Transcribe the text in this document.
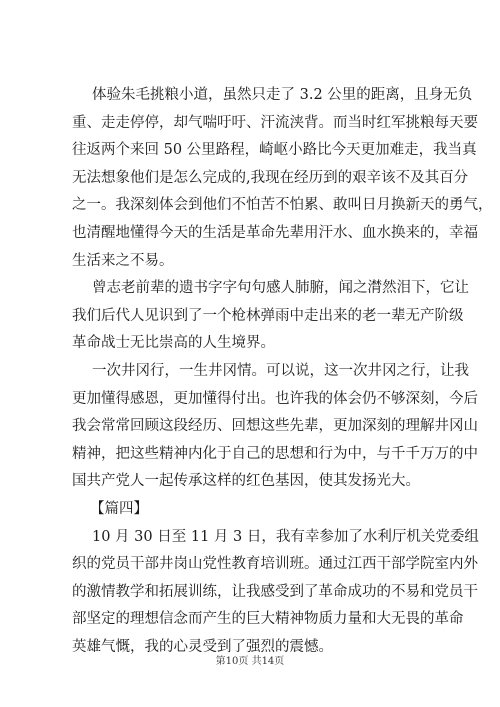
体验朱毛挑粮小道，虽然只走了 3.2 公里的距离，且身无负
重、走走停停，却气喘吁吁、汗流浃背。而当时红军挑粮每天要
往返两个来回 50 公里路程，崎岖小路比今天更加难走，我当真
无法想象他们是怎么完成的,我现在经历到的艰辛该不及其百分
之一。我深刻体会到他们不怕苦不怕累、敢叫日月换新天的勇气，
也清醒地懂得今天的生活是革命先辈用汗水、血水换来的，幸福
生活来之不易。

曾志老前辈的遗书字字句句感人肺腑，闻之潸然泪下，它让
我们后代人见识到了一个枪林弹雨中走出来的老一辈无产阶级
革命战士无比崇高的人生境界。

一次井冈行，一生井冈情。可以说，这一次井冈之行，让我
更加懂得感恩，更加懂得付出。也许我的体会仍不够深刻，今后
我会常常回顾这段经历、回想这些先辈，更加深刻的理解井冈山
精神，把这些精神内化于自己的思想和行为中，与千千万万的中
国共产党人一起传承这样的红色基因，使其发扬光大。

【篇四】

10 月 30 日至 11 月 3 日，我有幸参加了水利厅机关党委组
织的党员干部井岗山党性教育培训班。通过江西干部学院室内外
的激情教学和拓展训练，让我感受到了革命成功的不易和党员干
部坚定的理想信念而产生的巨大精神物质力量和大无畏的革命
英雄气慨，我的心灵受到了强烈的震憾。

第10页 共14页
